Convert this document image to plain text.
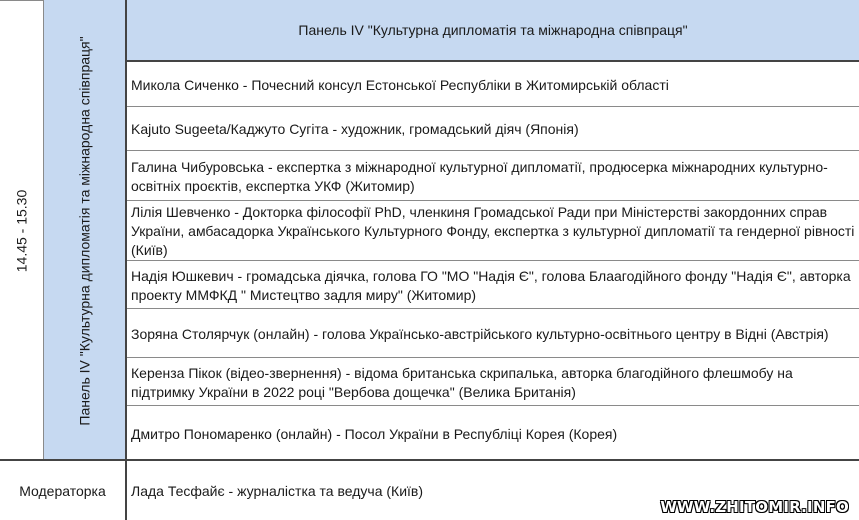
14.45 - 15.30	Панель IV "Культурна дипломатія та міжнародна співпраця"
Панель IV "Культурна дипломатія та міжнародна співпраця"
Микола Сиченко - Почесний консул Естонської Республіки в Житомирській області
Kajuto Sugeeta/Каджуто Сугіта - художник, громадський діяч (Японія)
Галина Чибуровська - експертка з міжнародної культурної дипломатії, продюсерка міжнародних культурно-освітніх проєктів, експертка УКФ (Житомир)
Лілія Шевченко - Докторка філософії PhD, членкиня Громадської Ради при Міністерстві закордонних справ України, амбасадорка Українського Культурного Фонду, експертка з культурної дипломатії та гендерної рівності (Київ)
Надія Юшкевич - громадська діячка, голова ГО "МО "Надія Є", голова Блаагодійного фонду "Надія Є", авторка проекту ММФКД " Мистецтво задля миру" (Житомир)
Зоряна Столярчук (онлайн) - голова Українсько-австрійського культурно-освітнього центру в Відні (Австрія)
Керенза Пікок (відео-звернення) - відома британська скрипалька, авторка благодійного флешмобу на підтримку України в 2022 році "Вербова дощечка" (Велика Британія)
Дмитро Пономаренко (онлайн) - Посол України в Республіці Корея (Корея)
Модераторка	Лада Тесфайє - журналістка та ведуча (Київ)
WWW.ZHITOMIR.INFO
